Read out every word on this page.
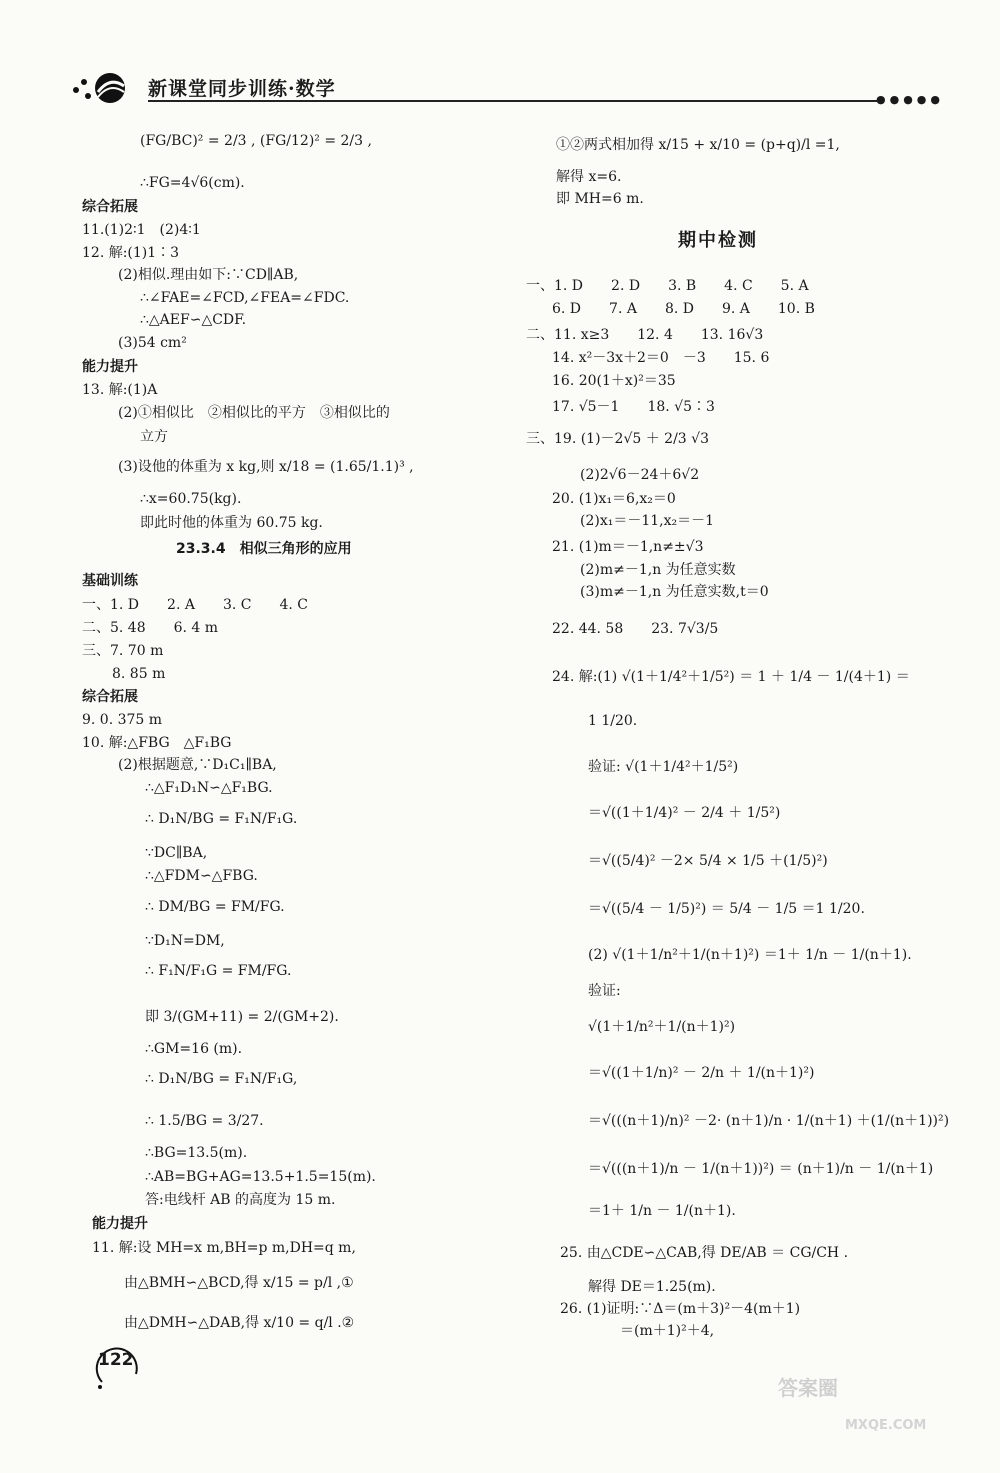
新课堂同步训练·数学	●●●●●
(FG/BC)² = 2/3 , (FG/12)² = 2/3 ,
∴FG=4√6(cm).
综合拓展
11.(1)2∶1　(2)4∶1
12. 解:(1)1∶3
(2)相似.理由如下:∵CD∥AB,
∴∠FAE=∠FCD,∠FEA=∠FDC.
∴△AEF∽△CDF.
(3)54 cm²
能力提升
13. 解:(1)A
(2)①相似比　②相似比的平方　③相似比的
立方
(3)设他的体重为 x kg,则 x/18 = (1.65/1.1)³ ,
∴x=60.75(kg).
即此时他的体重为 60.75 kg.
23.3.4　相似三角形的应用
基础训练
一、1. D　　2. A　　3. C　　4. C
二、5. 48　　6. 4 m
三、7. 70 m
8. 85 m
综合拓展
9. 0. 375 m
10. 解:△FBG　△F₁BG
(2)根据题意,∵D₁C₁∥BA,
∴△F₁D₁N∽△F₁BG.
∴ D₁N/BG = F₁N/F₁G.
∵DC∥BA,
∴△FDM∽△FBG.
∴ DM/BG = FM/FG.
∵D₁N=DM,
∴ F₁N/F₁G = FM/FG.
即 3/(GM+11) = 2/(GM+2).
∴GM=16 (m).
∴ D₁N/BG = F₁N/F₁G,
∴ 1.5/BG = 3/27.
∴BG=13.5(m).
∴AB=BG+AG=13.5+1.5=15(m).
答:电线杆 AB 的高度为 15 m.
能力提升
11. 解:设 MH=x m,BH=p m,DH=q m,
由△BMH∽△BCD,得 x/15 = p/l ,①
由△DMH∽△DAB,得 x/10 = q/l .②
①②两式相加得 x/15 + x/10 = (p+q)/l =1,
解得 x=6.
即 MH=6 m.
期中检测
一、1. D　　2. D　　3. B　　4. C　　5. A
6. D　　7. A　　8. D　　9. A　　10. B
二、11. x≥3　　12. 4　　13. 16√3
14. x²－3x＋2＝0　－3　　15. 6
16. 20(1＋x)²＝35
17. √5－1　　18. √5∶3
三、19. (1)－2√5 ＋ 2/3 √3
(2)2√6－24＋6√2
20. (1)x₁＝6,x₂＝0
(2)x₁＝－11,x₂＝－1
21. (1)m＝－1,n≠±√3
(2)m≠－1,n 为任意实数
(3)m≠－1,n 为任意实数,t＝0
22. 44. 58　　23. 7√3/5
24. 解:(1) √(1＋1/4²＋1/5²) ＝ 1 ＋ 1/4 － 1/(4＋1) ＝
1 1/20.
验证: √(1＋1/4²＋1/5²)
＝√((1＋1/4)² － 2/4 ＋ 1/5²)
＝√((5/4)² －2× 5/4 × 1/5 ＋(1/5)²)
＝√((5/4 － 1/5)²) ＝ 5/4 － 1/5 ＝1 1/20.
(2) √(1＋1/n²＋1/(n＋1)²) ＝1＋ 1/n － 1/(n＋1).
验证:
√(1＋1/n²＋1/(n＋1)²)
＝√((1＋1/n)² － 2/n ＋ 1/(n＋1)²)
＝√(((n＋1)/n)² －2· (n＋1)/n · 1/(n＋1) ＋(1/(n＋1))²)
＝√(((n＋1)/n － 1/(n＋1))²) ＝ (n＋1)/n － 1/(n＋1)
＝1＋ 1/n － 1/(n＋1).
25. 由△CDE∽△CAB,得 DE/AB ＝ CG/CH .
解得 DE＝1.25(m).
26. (1)证明:∵Δ＝(m＋3)²－4(m＋1)
＝(m＋1)²＋4,
122
答案圈
MXQE.COM
